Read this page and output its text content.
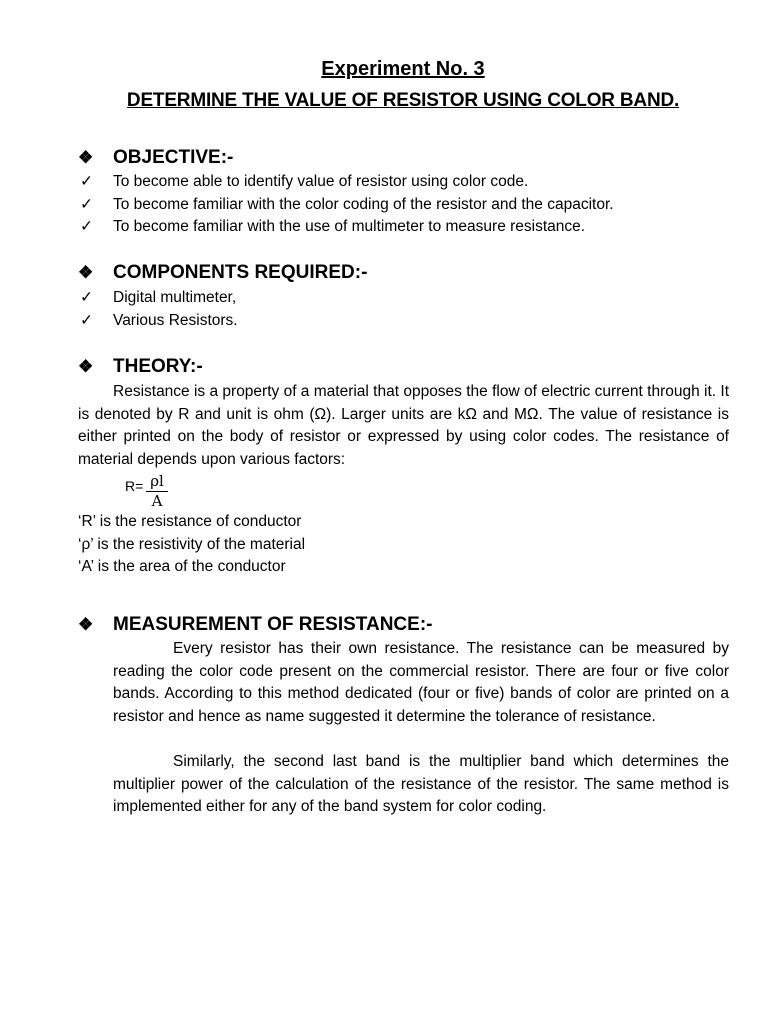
Experiment No. 3
DETERMINE THE VALUE OF RESISTOR USING COLOR BAND.
❖ OBJECTIVE:-
✓ To become able to identify value of resistor using color code.
✓ To become familiar with the color coding of the resistor and the capacitor.
✓ To become familiar with the use of multimeter to measure resistance.
❖ COMPONENTS REQUIRED:-
✓ Digital multimeter,
✓ Various Resistors.
❖ THEORY:-
Resistance is a property of a material that opposes the flow of electric current through it. It is denoted by R and unit is ohm (Ω). Larger units are kΩ and MΩ. The value of resistance is either printed on the body of resistor or expressed by using color codes. The resistance of material depends upon various factors:
$R= \frac{\rho l}{A}$
‘R’ is the resistance of conductor
‘ρ’ is the resistivity of the material
‘A’ is the area of the conductor
❖ MEASUREMENT OF RESISTANCE:-
Every resistor has their own resistance. The resistance can be measured by reading the color code present on the commercial resistor. There are four or five color bands. According to this method dedicated (four or five) bands of color are printed on a resistor and hence as name suggested it determine the tolerance of resistance.
Similarly, the second last band is the multiplier band which determines the multiplier power of the calculation of the resistance of the resistor. The same method is implemented either for any of the band system for color coding.
